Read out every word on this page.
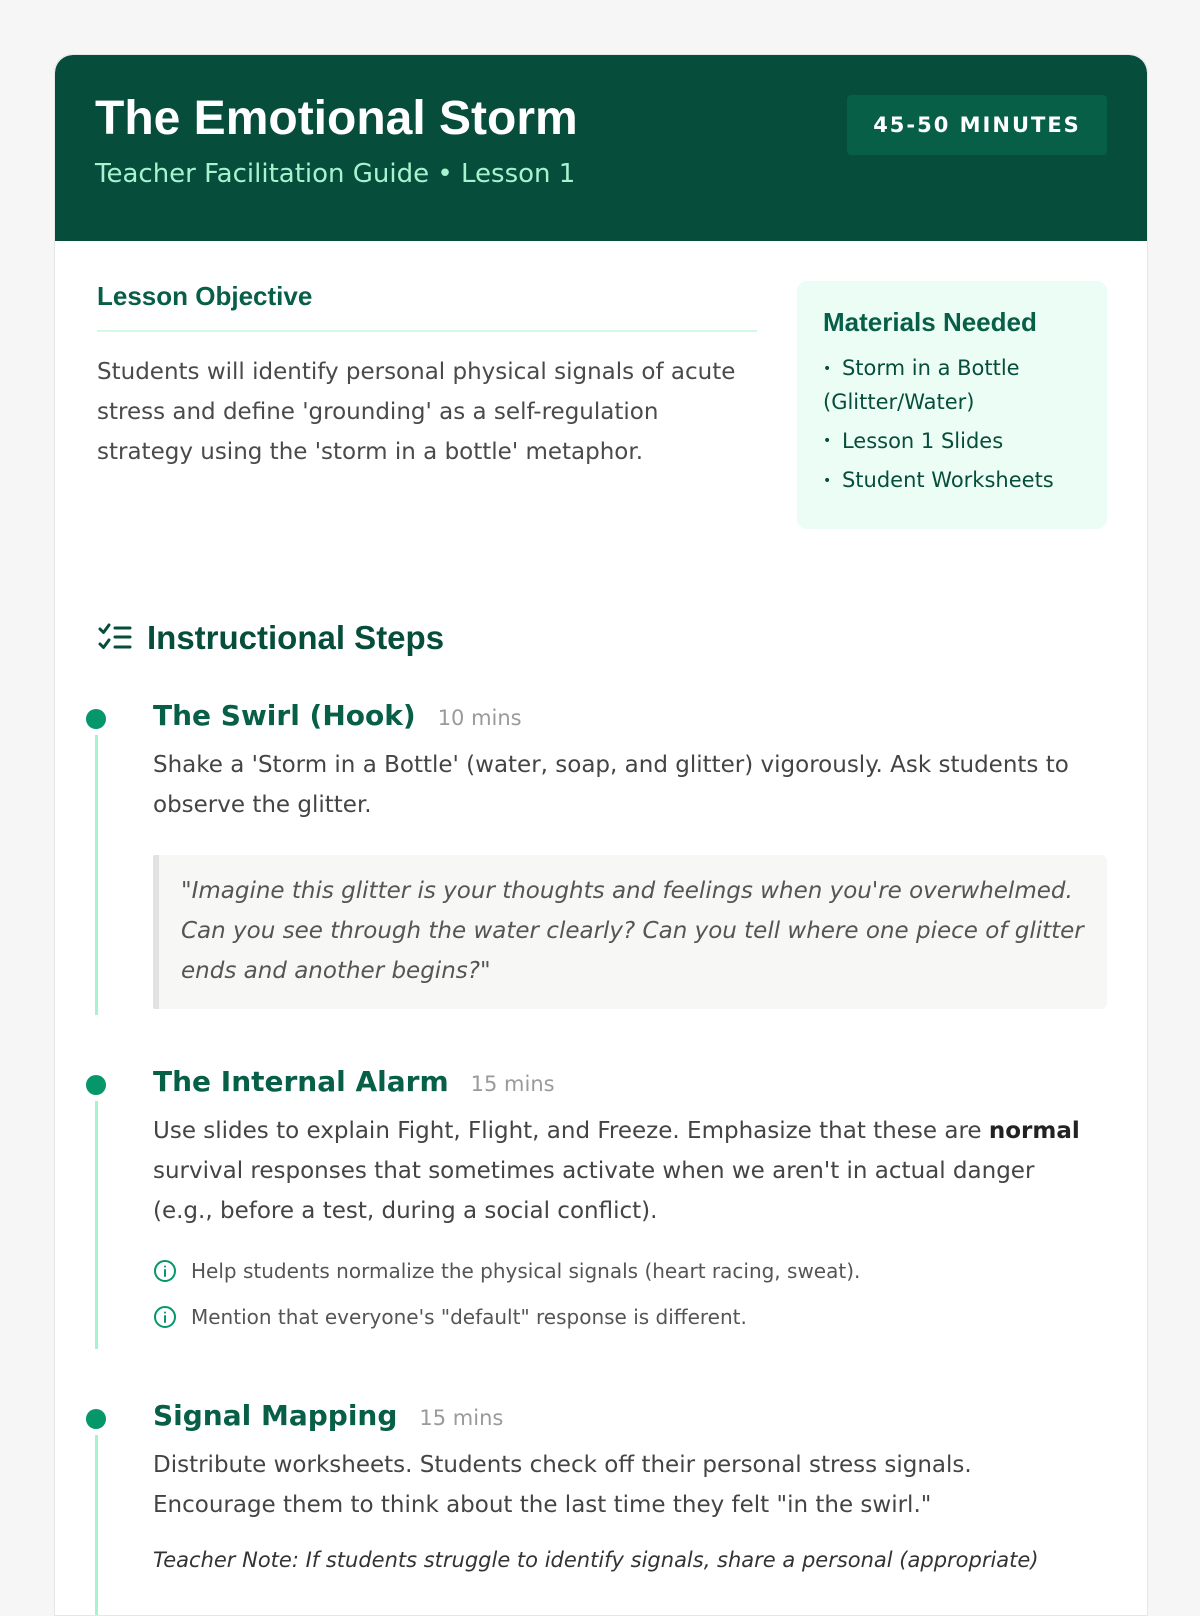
The Emotional Storm
Teacher Facilitation Guide • Lesson 1
45-50 MINUTES
Lesson Objective
Students will identify personal physical signals of acute stress and define 'grounding' as a self-regulation strategy using the 'storm in a bottle' metaphor.
Materials Needed
• Storm in a Bottle (Glitter/Water)
• Lesson 1 Slides
• Student Worksheets
Instructional Steps
The Swirl (Hook) 10 mins
Shake a 'Storm in a Bottle' (water, soap, and glitter) vigorously. Ask students to observe the glitter.
"Imagine this glitter is your thoughts and feelings when you're overwhelmed. Can you see through the water clearly? Can you tell where one piece of glitter ends and another begins?"
The Internal Alarm 15 mins
Use slides to explain Fight, Flight, and Freeze. Emphasize that these are normal survival responses that sometimes activate when we aren't in actual danger (e.g., before a test, during a social conflict).
Help students normalize the physical signals (heart racing, sweat).
Mention that everyone's "default" response is different.
Signal Mapping 15 mins
Distribute worksheets. Students check off their personal stress signals. Encourage them to think about the last time they felt "in the swirl."
Teacher Note: If students struggle to identify signals, share a personal (appropriate)
